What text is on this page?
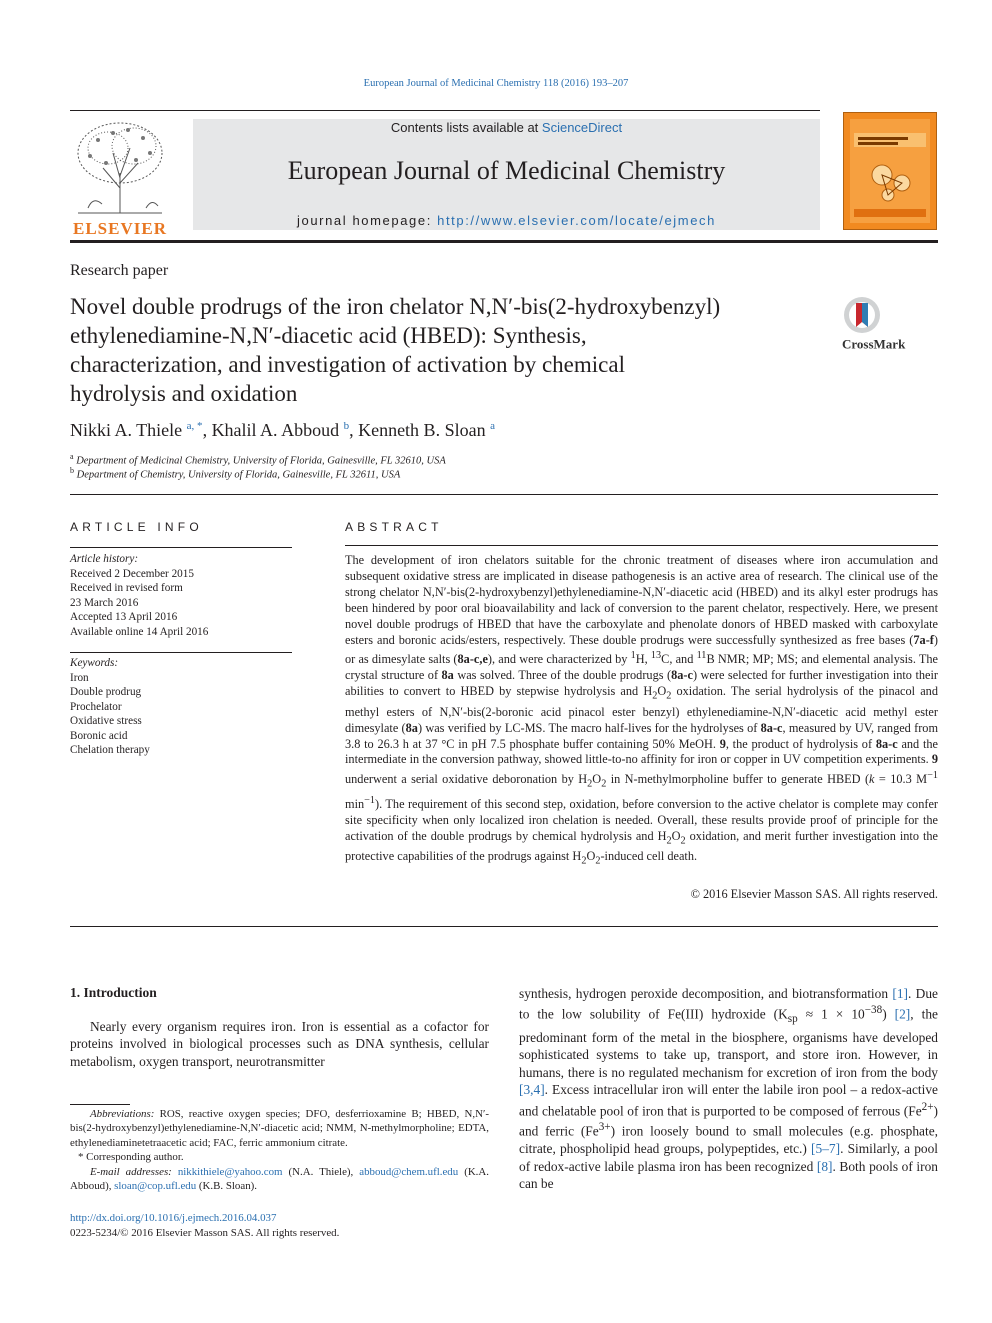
European Journal of Medicinal Chemistry 118 (2016) 193–207
ELSEVIER
Contents lists available at ScienceDirect
European Journal of Medicinal Chemistry
journal homepage: http://www.elsevier.com/locate/ejmech
Research paper
Novel double prodrugs of the iron chelator N,N′-bis(2-hydroxybenzyl)
ethylenediamine-N,N′-diacetic acid (HBED): Synthesis,
characterization, and investigation of activation by chemical
hydrolysis and oxidation
CrossMark
Nikki A. Thiele $^{a, *}$, Khalil A. Abboud $^b$, Kenneth B. Sloan $^a$
$^a$ Department of Medicinal Chemistry, University of Florida, Gainesville, FL 32610, USA
$^b$ Department of Chemistry, University of Florida, Gainesville, FL 32611, USA
ARTICLE INFO
Article history:
Received 2 December 2015
Received in revised form
23 March 2016
Accepted 13 April 2016
Available online 14 April 2016
Keywords:
Iron
Double prodrug
Prochelator
Oxidative stress
Boronic acid
Chelation therapy
ABSTRACT
The development of iron chelators suitable for the chronic treatment of diseases where iron accumulation and subsequent oxidative stress are implicated in disease pathogenesis is an active area of research. The clinical use of the strong chelator N,N′-bis(2-hydroxybenzyl)ethylenediamine-N,N′-diacetic acid (HBED) and its alkyl ester prodrugs has been hindered by poor oral bioavailability and lack of conversion to the parent chelator, respectively. Here, we present novel double prodrugs of HBED that have the carboxylate and phenolate donors of HBED masked with carboxylate esters and boronic acids/esters, respectively. These double prodrugs were successfully synthesized as free bases (7a-f) or as dimesylate salts (8a-c,e), and were characterized by $^1$H, $^{13}$C, and $^{11}$B NMR; MP; MS; and elemental analysis. The crystal structure of 8a was solved. Three of the double prodrugs (8a-c) were selected for further investigation into their abilities to convert to HBED by stepwise hydrolysis and $H_2O_2$ oxidation. The serial hydrolysis of the pinacol and methyl esters of N,N′-bis(2-boronic acid pinacol ester benzyl) ethylenediamine-N,N′-diacetic acid methyl ester dimesylate (8a) was verified by LC-MS. The macro half-lives for the hydrolyses of 8a-c, measured by UV, ranged from 3.8 to 26.3 h at 37 °C in pH 7.5 phosphate buffer containing 50% MeOH. 9, the product of hydrolysis of 8a-c and the intermediate in the conversion pathway, showed little-to-no affinity for iron or copper in UV competition experiments. 9 underwent a serial oxidative deboronation by $H_2O_2$ in N-methylmorpholine buffer to generate HBED (k = 10.3 $M^{-1}$ $\min^{-1}$). The requirement of this second step, oxidation, before conversion to the active chelator is complete may confer site specificity when only localized iron chelation is needed. Overall, these results provide proof of principle for the activation of the double prodrugs by chemical hydrolysis and $H_2O_2$ oxidation, and merit further investigation into the protective capabilities of the prodrugs against $H_2O_2$-induced cell death.
© 2016 Elsevier Masson SAS. All rights reserved.
1. Introduction
Nearly every organism requires iron. Iron is essential as a cofactor for proteins involved in biological processes such as DNA synthesis, cellular metabolism, oxygen transport, neurotransmitter
synthesis, hydrogen peroxide decomposition, and biotransformation [1]. Due to the low solubility of Fe(III) hydroxide $(K_{sp} \approx 1 \times 10^{-38})$ [2], the predominant form of the metal in the biosphere, organisms have developed sophisticated systems to take up, transport, and store iron. However, in humans, there is no regulated mechanism for excretion of iron from the body [3,4]. Excess intracellular iron will enter the labile iron pool – a redox-active and chelatable pool of iron that is purported to be composed of ferrous $(Fe^{2+})$ and ferric $(Fe^{3+})$ iron loosely bound to small molecules (e.g. phosphate, citrate, phospholipid head groups, polypeptides, etc.) [5–7]. Similarly, a pool of redox-active labile plasma iron has been recognized [8]. Both pools of iron can be
Abbreviations: ROS, reactive oxygen species; DFO, desferrioxamine B; HBED, N,N′-bis(2-hydroxybenzyl)ethylenediamine-N,N′-diacetic acid; NMM, N-methylmorpholine; EDTA, ethylenediaminetetraacetic acid; FAC, ferric ammonium citrate.
* Corresponding author.
E-mail addresses: nikkithiele@yahoo.com (N.A. Thiele), abboud@chem.ufl.edu (K.A. Abboud), sloan@cop.ufl.edu (K.B. Sloan).
http://dx.doi.org/10.1016/j.ejmech.2016.04.037
0223-5234/© 2016 Elsevier Masson SAS. All rights reserved.
